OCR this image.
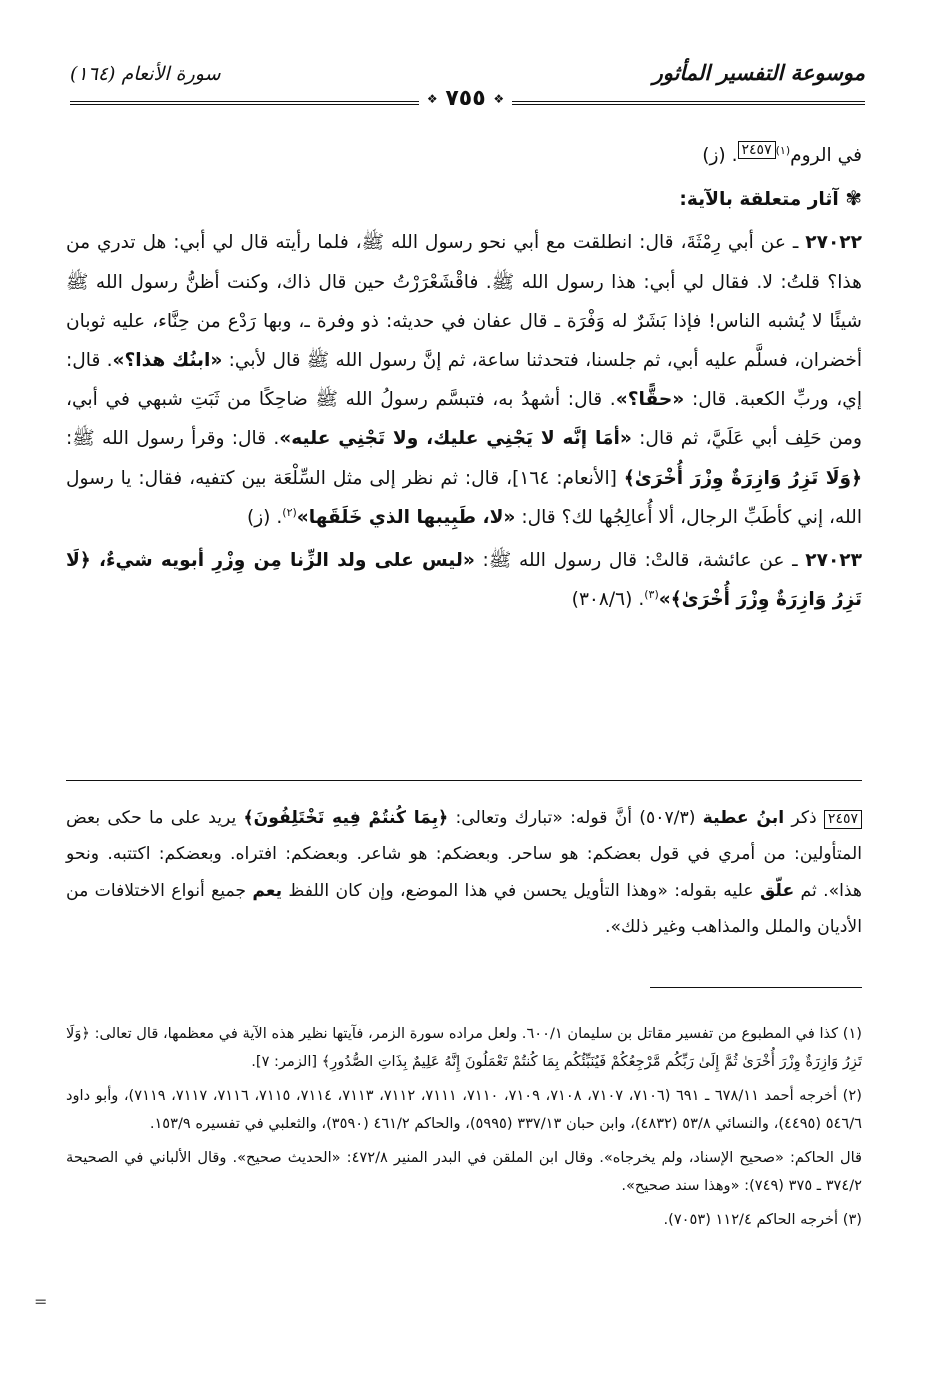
موسوعة التفسير المأثور
سورة الأنعام (١٦٤)
❖ ٧٥٥ ❖

في الروم$^{(١)}$٢٤٥٧. (ز)

✾ آثار متعلقة بالآية:

٢٧٠٢٢ ـ عن أبي رِمْثَةَ، قال: انطلقت مع أبي نحو رسول الله ﷺ، فلما رأيته قال لي أبي: هل تدري من هذا؟ قلتُ: لا. فقال لي أبي: هذا رسول الله ﷺ. فاقْشَعْرَرْتُ حين قال ذاك، وكنت أظنُّ رسول الله ﷺ شيئًا لا يُشبه الناس! فإذا بَشَرٌ له وَفْرَة ـ قال عفان في حديثه: ذو وفرة ـ، وبها رَدْع من حِنَّاء، عليه ثوبان أخضران، فسلَّم عليه أبي، ثم جلسنا، فتحدثنا ساعة، ثم إنَّ رسول الله ﷺ قال لأبي: «ابنُك هذا؟». قال: إي، وربِّ الكعبة. قال: «حقًّا؟». قال: أشهدُ به، فتبسَّم رسولُ الله ﷺ ضاحِكًا من ثَبَتِ شبهي في أبي، ومن حَلِف أبي عَلَيَّ، ثم قال: «أمَا إنَّه لا يَجْنِي عليك، ولا تَجْنِي عليه». قال: وقرأ رسول الله ﷺ: ﴿وَلَا تَزِرُ وَازِرَةٌ وِزْرَ أُخْرَىٰ﴾ [الأنعام: ١٦٤]، قال: ثم نظر إلى مثل السِّلْعَة بين كتفيه، فقال: يا رسول الله، إني كأطَبِّ الرجال، ألا أُعالِجُها لك؟ قال: «لا، طَبِيبها الذي خَلَقَها»$^{(٢)}$. (ز)

٢٧٠٢٣ ـ عن عائشة، قالتْ: قال رسول الله ﷺ: «ليس على ولد الزِّنا مِن وِزْرِ أبويه شيءٌ، ﴿لَا تَزِرُ وَازِرَةٌ وِزْرَ أُخْرَىٰ﴾»$^{(٣)}$. (٣٠٨/٦)

٢٤٥٧ ذكر ابنُ عطية (٥٠٧/٣) أنَّ قوله: «تبارك وتعالى: ﴿بِمَا كُنتُمْ فِيهِ تَخْتَلِفُونَ﴾ يريد على ما حكى بعض المتأولين: من أمري في قول بعضكم: هو ساحر. وبعضكم: هو شاعر. وبعضكم: افتراه. وبعضكم: اكتتبه. ونحو هذا». ثم علّق عليه بقوله: «وهذا التأويل يحسن في هذا الموضع، وإن كان اللفظ يعم جميع أنواع الاختلافات من الأديان والملل والمذاهب وغير ذلك».

(١) كذا في المطبوع من تفسير مقاتل بن سليمان ٦٠٠/١. ولعل مراده سورة الزمر، فآيتها نظير هذه الآية في معظمها، قال تعالى: ﴿وَلَا تَزِرُ وَازِرَةٌ وِزْرَ أُخْرَىٰ ثُمَّ إِلَىٰ رَبِّكُم مَّرْجِعُكُمْ فَيُنَبِّئُكُم بِمَا كُنتُمْ تَعْمَلُونَ إِنَّهُ عَلِيمٌ بِذَاتِ الصُّدُورِ﴾ [الزمر: ٧].

(٢) أخرجه أحمد ٦٧٨/١١ ـ ٦٩١ (٧١٠٦، ٧١٠٧، ٧١٠٨، ٧١٠٩، ٧١١٠، ٧١١١، ٧١١٢، ٧١١٣، ٧١١٤، ٧١١٥، ٧١١٦، ٧١١٧، ٧١١٩)، وأبو داود ٥٤٦/٦ (٤٤٩٥)، والنسائي ٥٣/٨ (٤٨٣٢)، وابن حبان ٣٣٧/١٣ (٥٩٩٥)، والحاكم ٤٦١/٢ (٣٥٩٠)، والثعلبي في تفسيره ١٥٣/٩.

قال الحاكم: «صحيح الإسناد، ولم يخرجاه». وقال ابن الملقن في البدر المنير ٤٧٢/٨: «الحديث صحيح». وقال الألباني في الصحيحة ٣٧٤/٢ ـ ٣٧٥ (٧٤٩): «وهذا سند صحيح».

(٣) أخرجه الحاكم ١١٢/٤ (٧٠٥٣).

=
